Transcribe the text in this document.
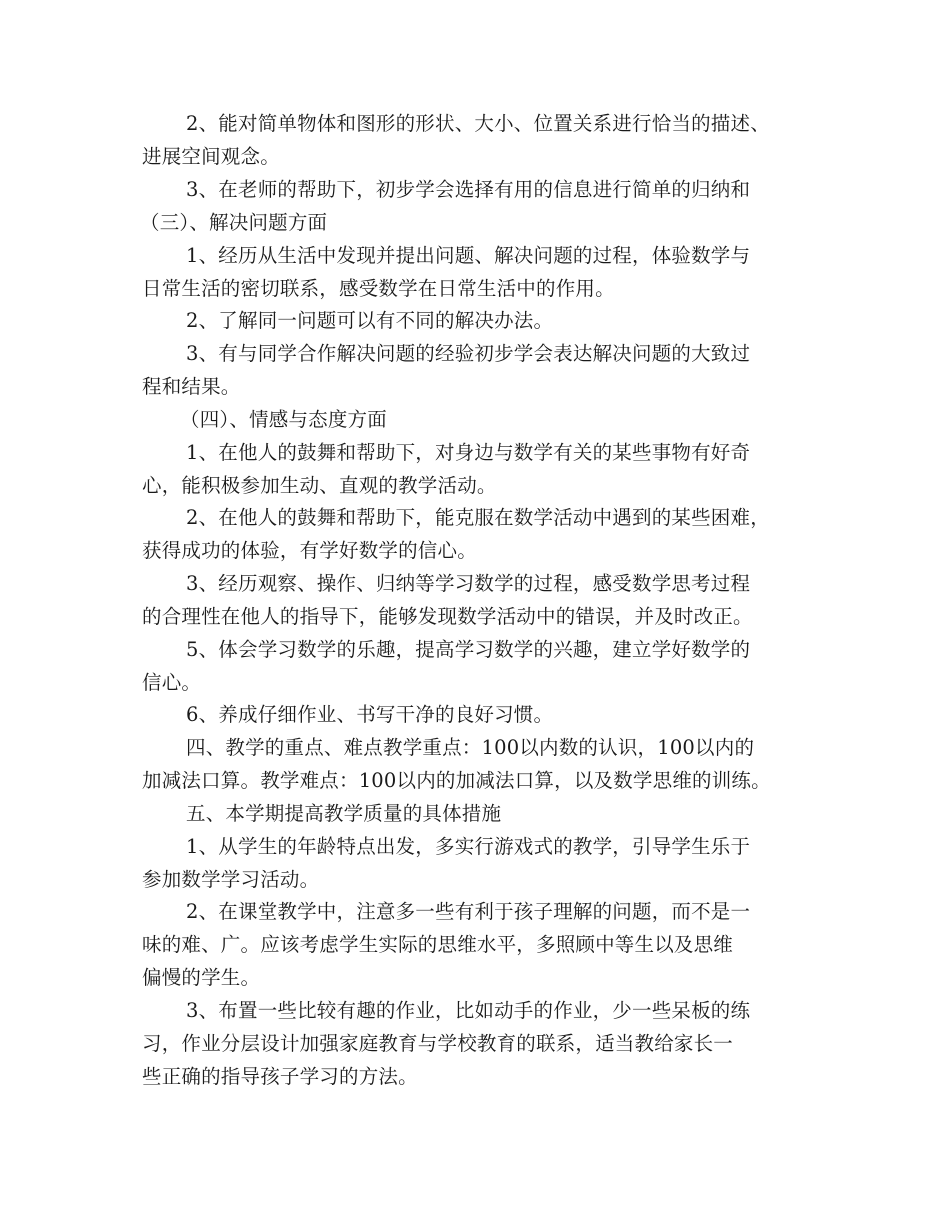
2、能对简单物体和图形的形状、大小、位置关系进行恰当的描述、

进展空间观念。

3、在老师的帮助下，初步学会选择有用的信息进行简单的归纳和

（三）、解决问题方面

1、经历从生活中发现并提出问题、解决问题的过程，体验数学与

日常生活的密切联系，感受数学在日常生活中的作用。

2、了解同一问题可以有不同的解决办法。

3、有与同学合作解决问题的经验初步学会表达解决问题的大致过

程和结果。

（四）、情感与态度方面

1、在他人的鼓舞和帮助下，对身边与数学有关的某些事物有好奇

心，能积极参加生动、直观的教学活动。

2、在他人的鼓舞和帮助下，能克服在数学活动中遇到的某些困难，

获得成功的体验，有学好数学的信心。

3、经历观察、操作、归纳等学习数学的过程，感受数学思考过程

的合理性在他人的指导下，能够发现数学活动中的错误，并及时改正。

5、体会学习数学的乐趣，提高学习数学的兴趣，建立学好数学的

信心。

6、养成仔细作业、书写干净的良好习惯。

四、教学的重点、难点教学重点：100以内数的认识，100以内的

加减法口算。教学难点：100以内的加减法口算，以及数学思维的训练。

五、本学期提高教学质量的具体措施

1、从学生的年龄特点出发，多实行游戏式的教学，引导学生乐于

参加数学学习活动。

2、在课堂教学中，注意多一些有利于孩子理解的问题，而不是一

味的难、广。应该考虑学生实际的思维水平，多照顾中等生以及思维

偏慢的学生。

3、布置一些比较有趣的作业，比如动手的作业，少一些呆板的练

习，作业分层设计加强家庭教育与学校教育的联系，适当教给家长一

些正确的指导孩子学习的方法。
